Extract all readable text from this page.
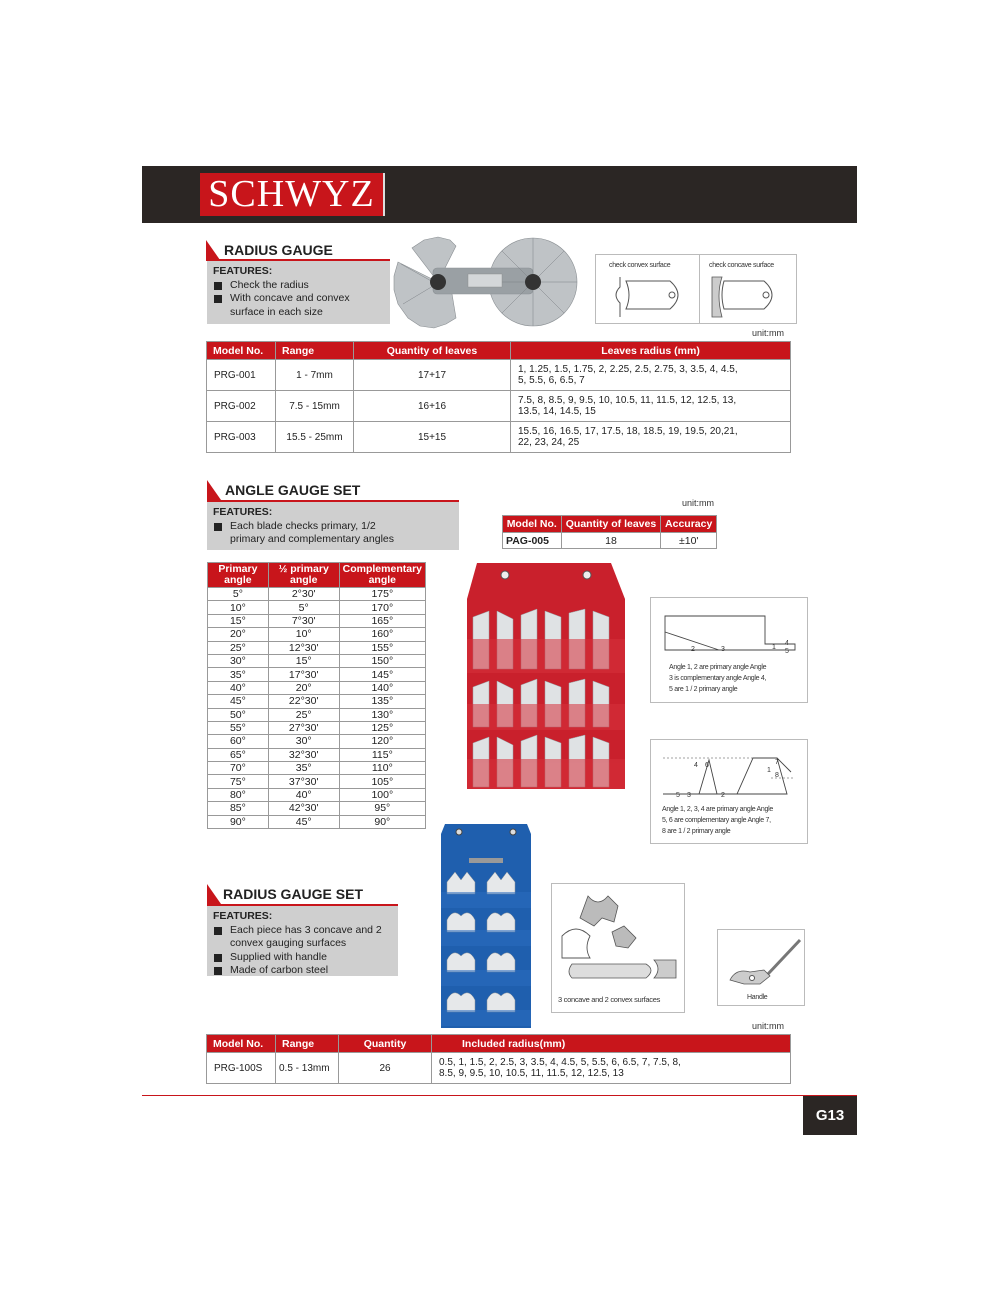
SCHWYZ
RADIUS GAUGE
FEATURES:
Check the radius
With concave and convex surface in each size
check convex surface	check concave surface
unit:mm
Model No.	Range	Quantity of leaves	Leaves radius (mm)
PRG-001	1 - 7mm	17+17	1, 1.25, 1.5, 1.75, 2, 2.25, 2.5, 2.75, 3, 3.5, 4, 4.5,
5, 5.5, 6, 6.5, 7

PRG-002	7.5 - 15mm	16+16	7.5, 8, 8.5, 9, 9.5, 10, 10.5, 11, 11.5, 12, 12.5, 13,
13.5, 14, 14.5, 15

PRG-003	15.5 - 25mm	15+15	15.5, 16, 16.5, 17, 17.5, 18, 18.5, 19, 19.5, 20,21,
22, 23, 24, 25
ANGLE GAUGE SET
FEATURES:
Each blade checks primary, 1/2 primary and complementary angles
unit:mm
Model No.	Quantity of leaves	Accuracy
PAG-005	18	±10'
Primary angle	½ primary angle	Complementary angle
5°	2°30'	175°
10°	5°	170°
15°	7°30'	165°
20°	10°	160°
25°	12°30'	155°
30°	15°	150°
35°	17°30'	145°
40°	20°	140°
45°	22°30'	135°
50°	25°	130°
55°	27°30'	125°
60°	30°	120°
65°	32°30'	115°
70°	35°	110°
75°	37°30'	105°
80°	40°	100°
85°	42°30'	95°
90°	45°	90°
2	3	1
4
5
Angle 1, 2 are primary angle Angle
3 is complementary angle Angle 4,
5 are 1 / 2 primary angle
4 6	7
1
8
5 3	2
Angle 1, 2, 3, 4 are primary angle Angle
5, 6 are complementary angle Angle 7,
8 are 1 / 2 primary angle
RADIUS GAUGE SET
FEATURES:
Each piece has 3 concave and 2 convex gauging surfaces
Supplied with handle
Made of carbon steel
3 concave and 2 convex surfaces	Handle
unit:mm
Model No.	Range	Quantity	Included radius(mm)
PRG-100S	0.5 - 13mm	26	0.5, 1, 1.5, 2, 2.5, 3, 3.5, 4, 4.5, 5, 5.5, 6, 6.5, 7, 7.5, 8,
8.5, 9, 9.5, 10, 10.5, 11, 11.5, 12, 12.5, 13
G13
